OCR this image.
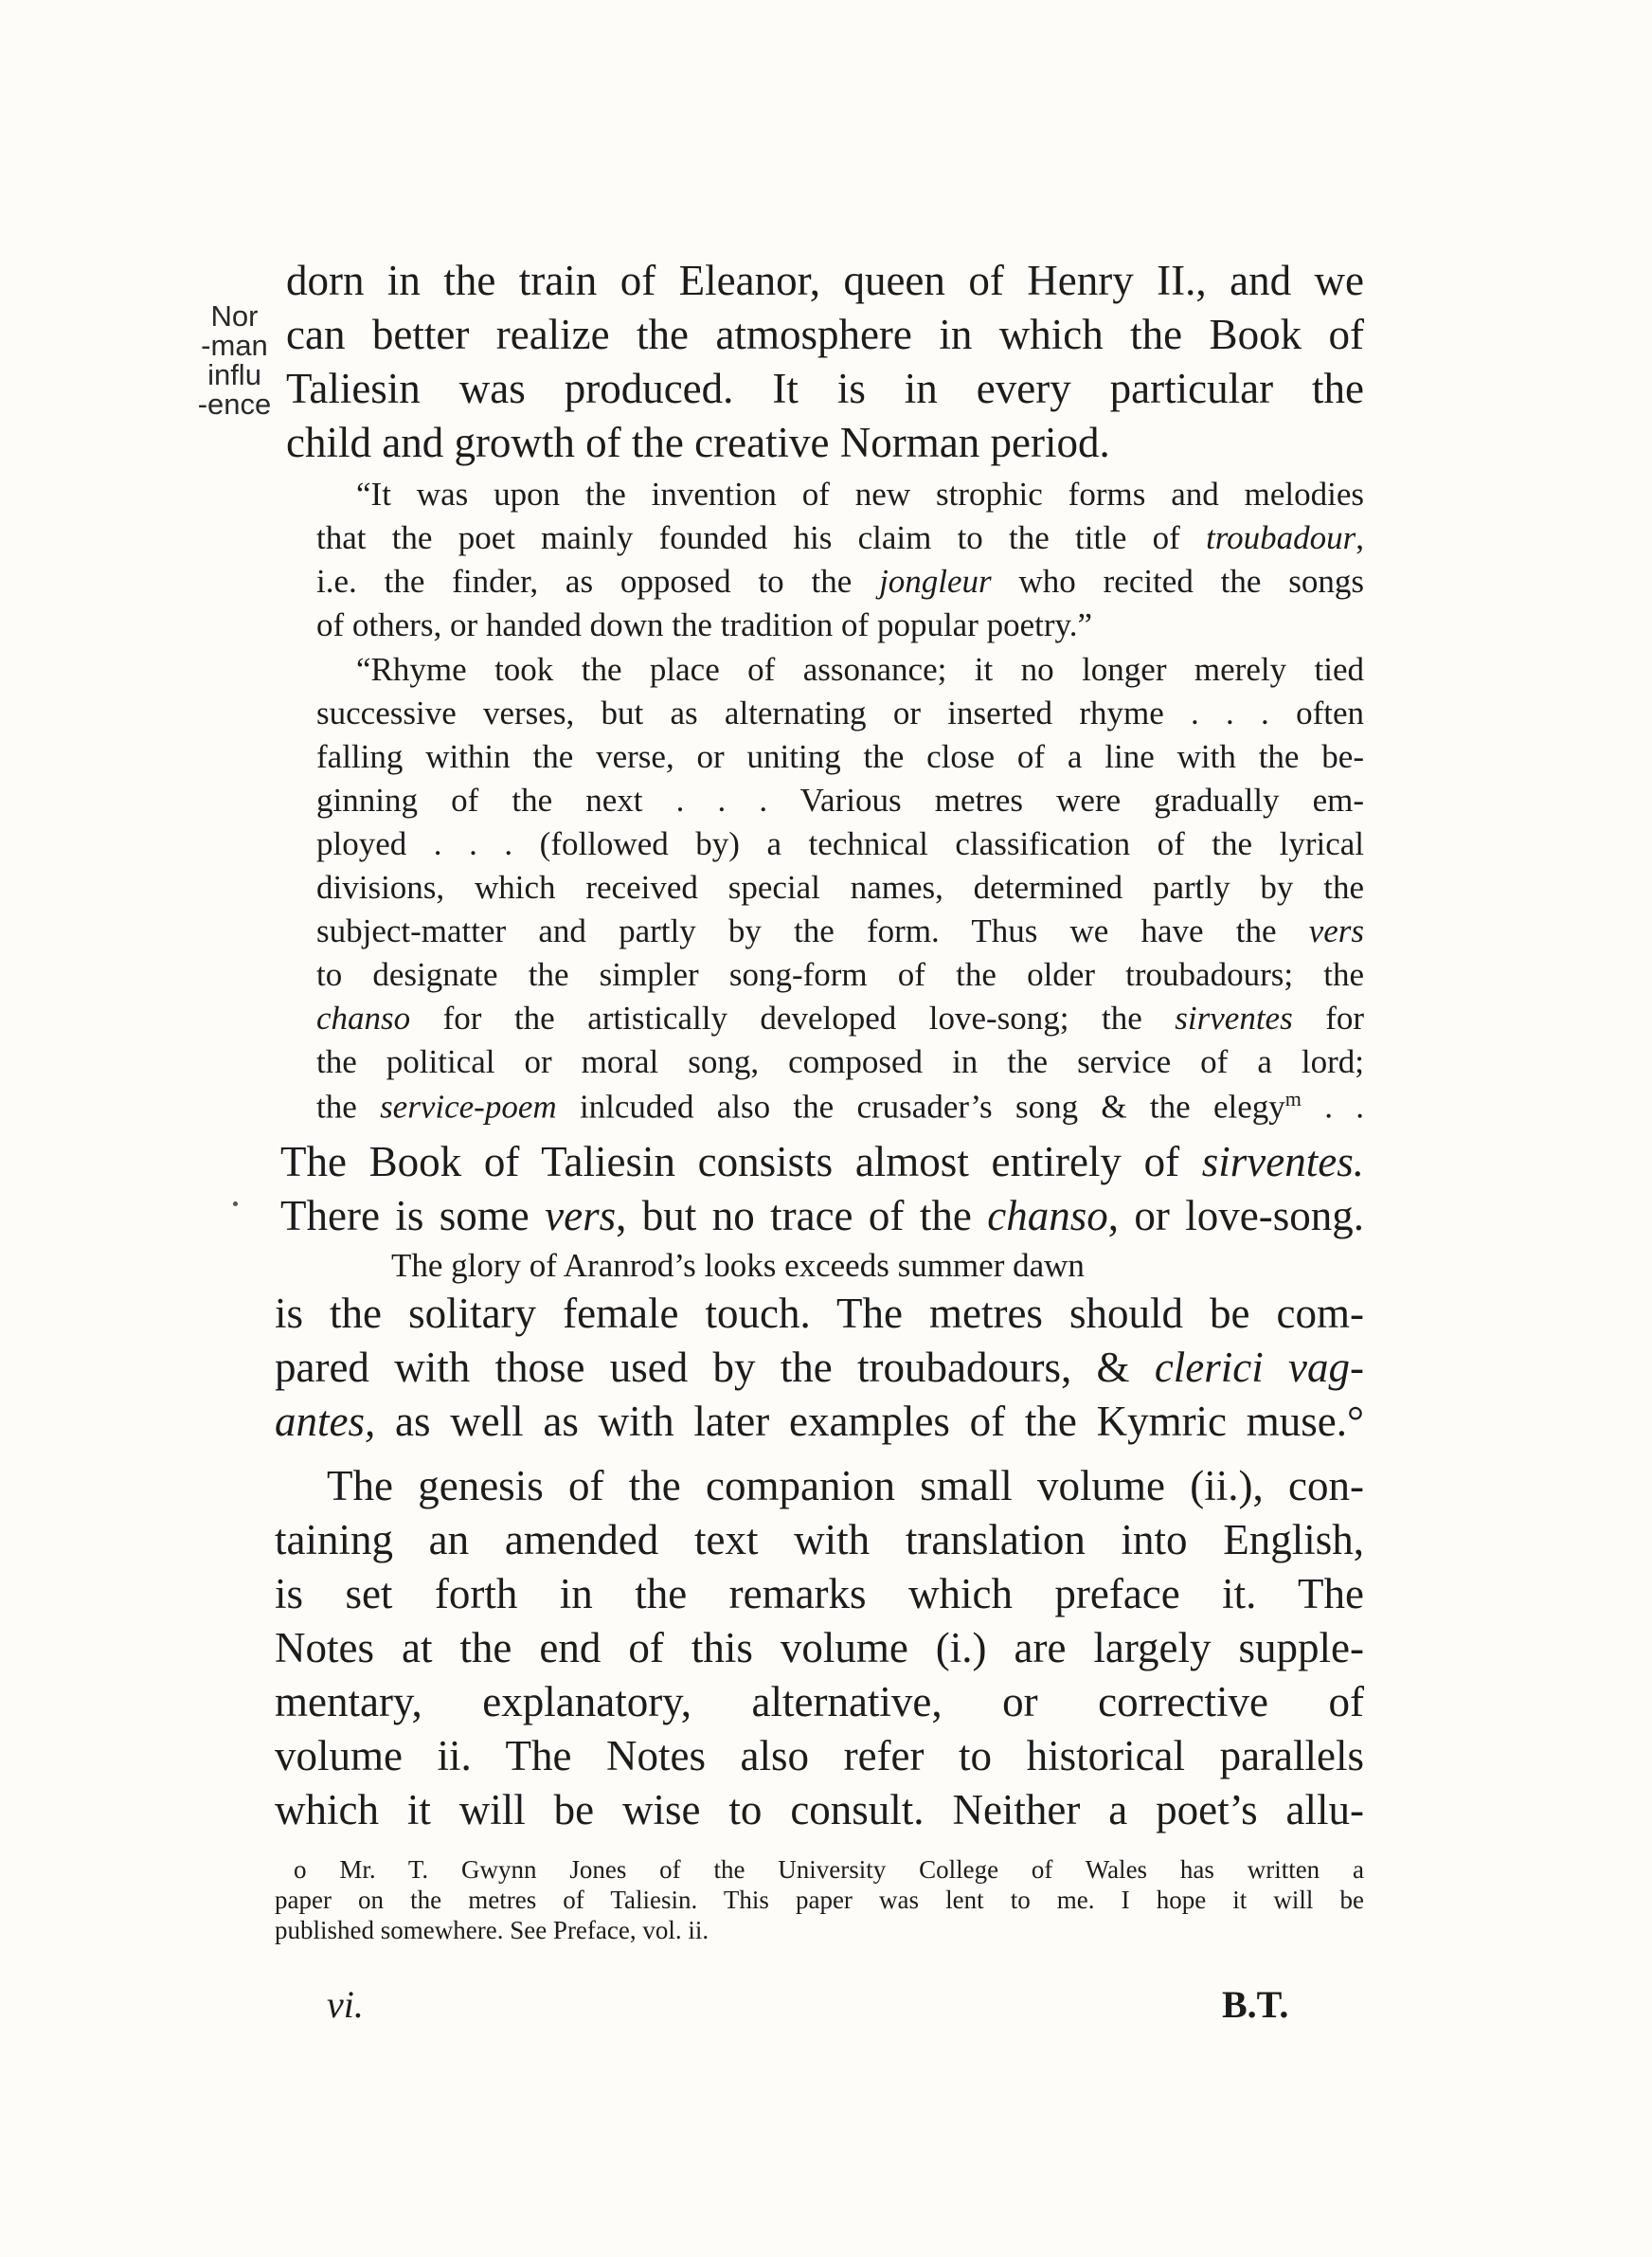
Nor
-man
influ
-ence
dorn in the train of Eleanor, queen of Henry II., and we
can better realize the atmosphere in which the Book of
Taliesin was produced. It is in every particular the
child and growth of the creative Norman period.
“It was upon the invention of new strophic forms and melodies
that the poet mainly founded his claim to the title of troubadour,
i.e. the finder, as opposed to the jongleur who recited the songs
of others, or handed down the tradition of popular poetry.”
“Rhyme took the place of assonance; it no longer merely tied
successive verses, but as alternating or inserted rhyme . . . often
falling within the verse, or uniting the close of a line with the be-
ginning of the next . . . Various metres were gradually em-
ployed . . . (followed by) a technical classification of the lyrical
divisions, which received special names, determined partly by the
subject-matter and partly by the form. Thus we have the vers
to designate the simpler song-form of the older troubadours; the
chanso for the artistically developed love-song; the sirventes for
the political or moral song, composed in the service of a lord;
the service-poem inlcuded also the crusader’s song & the elegy$^m$ . .
The Book of Taliesin consists almost entirely of sirventes.
There is some vers, but no trace of the chanso, or love-song.
The glory of Aranrod’s looks exceeds summer dawn
is the solitary female touch. The metres should be com-
pared with those used by the troubadours, & clerici vag-
antes, as well as with later examples of the Kymric muse.°
The genesis of the companion small volume (ii.), con-
taining an amended text with translation into English,
is set forth in the remarks which preface it. The
Notes at the end of this volume (i.) are largely supple-
mentary, explanatory, alternative, or corrective of
volume ii. The Notes also refer to historical parallels
which it will be wise to consult. Neither a poet’s allu-
o Mr. T. Gwynn Jones of the University College of Wales has written a
paper on the metres of Taliesin. This paper was lent to me. I hope it will be
published somewhere. See Preface, vol. ii.
vi.	B.T.
